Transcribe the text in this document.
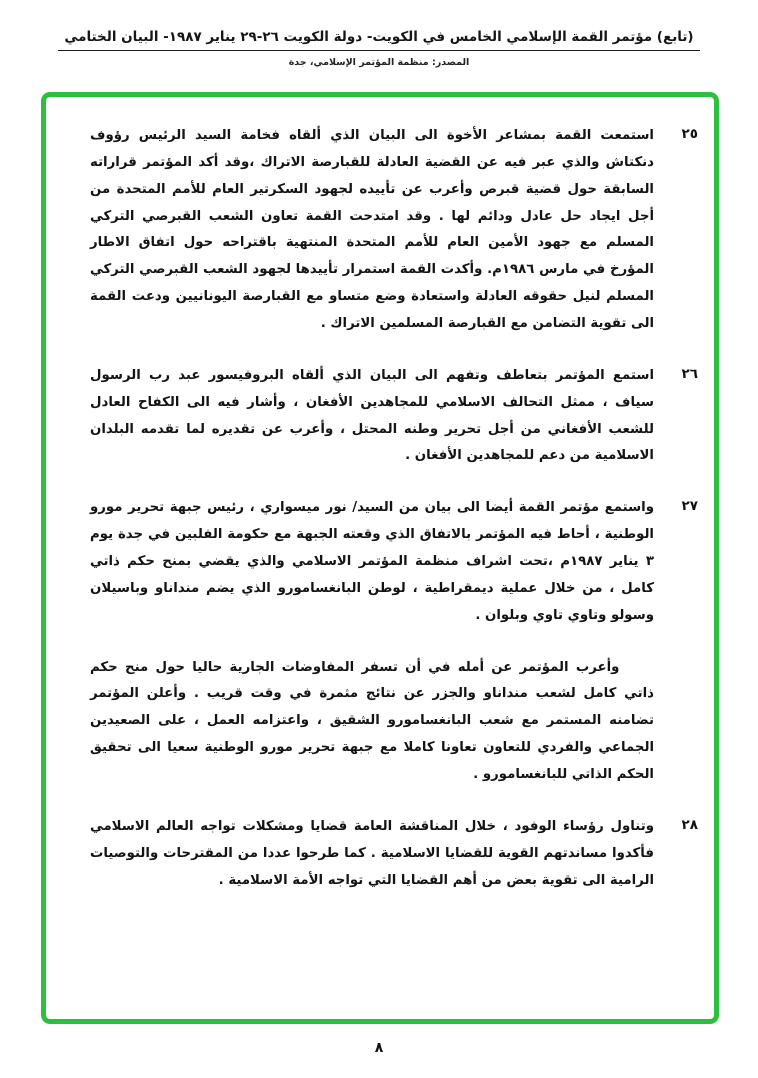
(تابع) مؤتمر القمة الإسلامي الخامس في الكويت- دولة الكويت ٢٦-٢٩ يناير ١٩٨٧- البيان الختامي
المصدر: منظمة المؤتمر الإسلامي، جدة
٢٥
استمعت القمة بمشاعر الأخوة الى البيان الذي ألقاه فخامة السيد الرئيس رؤوف دنكتاش والذي عبر فيه عن القضية العادلة للقبارصة الاتراك ،وقد أكد المؤتمر قراراته السابقة حول قضية قبرص وأعرب عن تأييده لجهود السكرتير العام للأمم المتحدة من أجل ايجاد حل عادل ودائم لها . وقد امتدحت القمة تعاون الشعب القبرصي التركي المسلم مع جهود الأمين العام للأمم المتحدة المنتهية باقتراحه حول اتفاق الاطار المؤرخ في مارس ١٩٨٦م. وأكدت القمة استمرار تأييدها لجهود الشعب القبرصي التركي المسلم لنيل حقوقه العادلة واستعادة وضع متساو مع القبارصة اليونانيين ودعت القمة الى تقوية التضامن مع القبارصة المسلمين الاتراك .
٢٦
استمع المؤتمر بتعاطف وتفهم الى البيان الذي ألقاه البروفيسور عبد رب الرسول سياف ، ممثل التحالف الاسلامي للمجاهدين الأفغان ، وأشار فيه الى الكفاح العادل للشعب الأفغاني من أجل تحرير وطنه المحتل ، وأعرب عن تقديره لما تقدمه البلدان الاسلامية من دعم للمجاهدين الأفغان .
٢٧
واستمع مؤتمر القمة أيضا الى بيان من السيد/ نور ميسواري ، رئيس جبهة تحرير مورو الوطنية ، أحاط فيه المؤتمر بالاتفاق الذي وقعته الجبهة مع حكومة الفلبين في جدة يوم ٣ يناير ١٩٨٧م ،تحت اشراف منظمة المؤتمر الاسلامي والذي يقضي بمنح حكم ذاتي كامل ، من خلال عملية ديمقراطية ، لوطن البانغسامورو الذي يضم منداناو وباسيلان وسولو وتاوي تاوي وبلوان .
وأعرب المؤتمر عن أمله في أن تسفر المفاوضات الجارية حاليا حول منح حكم ذاتي كامل لشعب منداناو والجزر عن نتائج مثمرة في وقت قريب . وأعلن المؤتمر تضامنه المستمر مع شعب البانغسامورو الشقيق ، واعتزامه العمل ، على الصعيدين الجماعي والفردي للتعاون تعاونا كاملا مع جبهة تحرير مورو الوطنية سعيا الى تحقيق الحكم الذاتي للبانغسامورو .
٢٨
وتناول رؤساء الوفود ، خلال المناقشة العامة قضايا ومشكلات تواجه العالم الاسلامي فأكدوا مساندتهم القوية للقضايا الاسلامية . كما طرحوا عددا من المقترحات والتوصيات الرامية الى تقوية بعض من أهم القضايا التي تواجه الأمة الاسلامية .
٨
